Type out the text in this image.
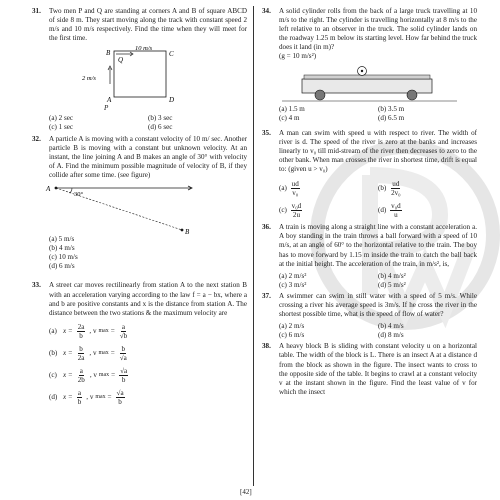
31. Two men P and Q are standing at corners A and B of square ABCD of side 8 m. They start moving along the track with constant speed 2 m/s and 10 m/s respectively. Find the time when they will meet for the first time.
B
Q
C
10 m/s
2 m/s
A	D
P
(a) 2 sec	(b) 3 sec
(c) 1 sec	(d) 6 sec
32. A particle A is moving with a constant velocity of 10 m/ sec. Another particle B is moving with a constant but unknown velocity. At an instant, the line joining A and B makes an angle of 30° with velocity of A. Find the minimum possible magnitude of velocity of B, if they collide after some time. (see figure)
A
30°
B
(a) 5 m/s
(b) 4 m/s
(c) 10 m/s
(d) 6 m/s
33. A street car moves rectilinearly from station A to the next station B with an acceleration varying according to the law f = a − bx, where a and b are positive constants and x is the distance from station A. The distance between the two stations & the maximum velocity are
(a) $x = \frac{2a}{b}$ , v $\max = \frac{a}{√b}$
(b) $x = \frac{b}{2a}$ , v $\max = \frac{b}{√a}$
(c) $x = \frac{a}{2b}$ , v $\max = \frac{√a}{b}$
(d) $x = \frac{a}{b}$ , v $\max = \frac{√a}{b}$
34. A solid cylinder rolls from the back of a large truck travelling at 10 m/s to the right. The cylinder is travelling horizontally at 8 m/s to the left relative to an observer in the truck. The solid cylinder lands on the roadway 1.25 m below its starting level. How far behind the truck does it land (in m)?
(g = 10 m/s²)
(a) 1.5 m	(b) 3.5 m
(c) 4 m	(d) 6.5 m
35. A man can swim with speed u with respect to river. The width of river is d. The speed of the river is zero at the banks and increases linearly to v₀ till mid-stream of the river then decreases to zero to the other bank. When man crosses the river in shortest time, drift is equal to: (given u > v₀)
$(a) \frac{ud}{\text{v₀}}$	$(b) \frac{ud}{\text{2v₀}}$
$(c) \frac{\text{v₀d}}{2u}$	$(d) \frac{\text{v₀d}}{u}$
36. A train is moving along a straight line with a constant acceleration a. A boy standing in the train throws a ball forward with a speed of 10 m/s, at an angle of 60° to the horizontal relative to the train. The boy has to move forward by 1.15 m inside the train to catch the ball back at the initial height. The acceleration of the train, in m/s², is,
(a) 2 m/s²	(b) 4 m/s²
(c) 3 m/s²	(d) 5 m/s²
37. A swimmer can swim in still water with a speed of 5 m/s. While crossing a river his average speed is 3m/s. If he cross the river in the shortest possible time, what is the speed of flow of water?
(a) 2 m/s	(b) 4 m/s
(c) 6 m/s	(d) 8 m/s
38. A heavy block B is sliding with constant velocity u on a horizontal table. The width of the block is L. There is an insect A at a distance d from the block as shown in the figure. The insect wants to cross to the opposite side of the table. It begins to crawl at a constant velocity v at the instant shown in the figure. Find the least value of v for which the insect
[42]
